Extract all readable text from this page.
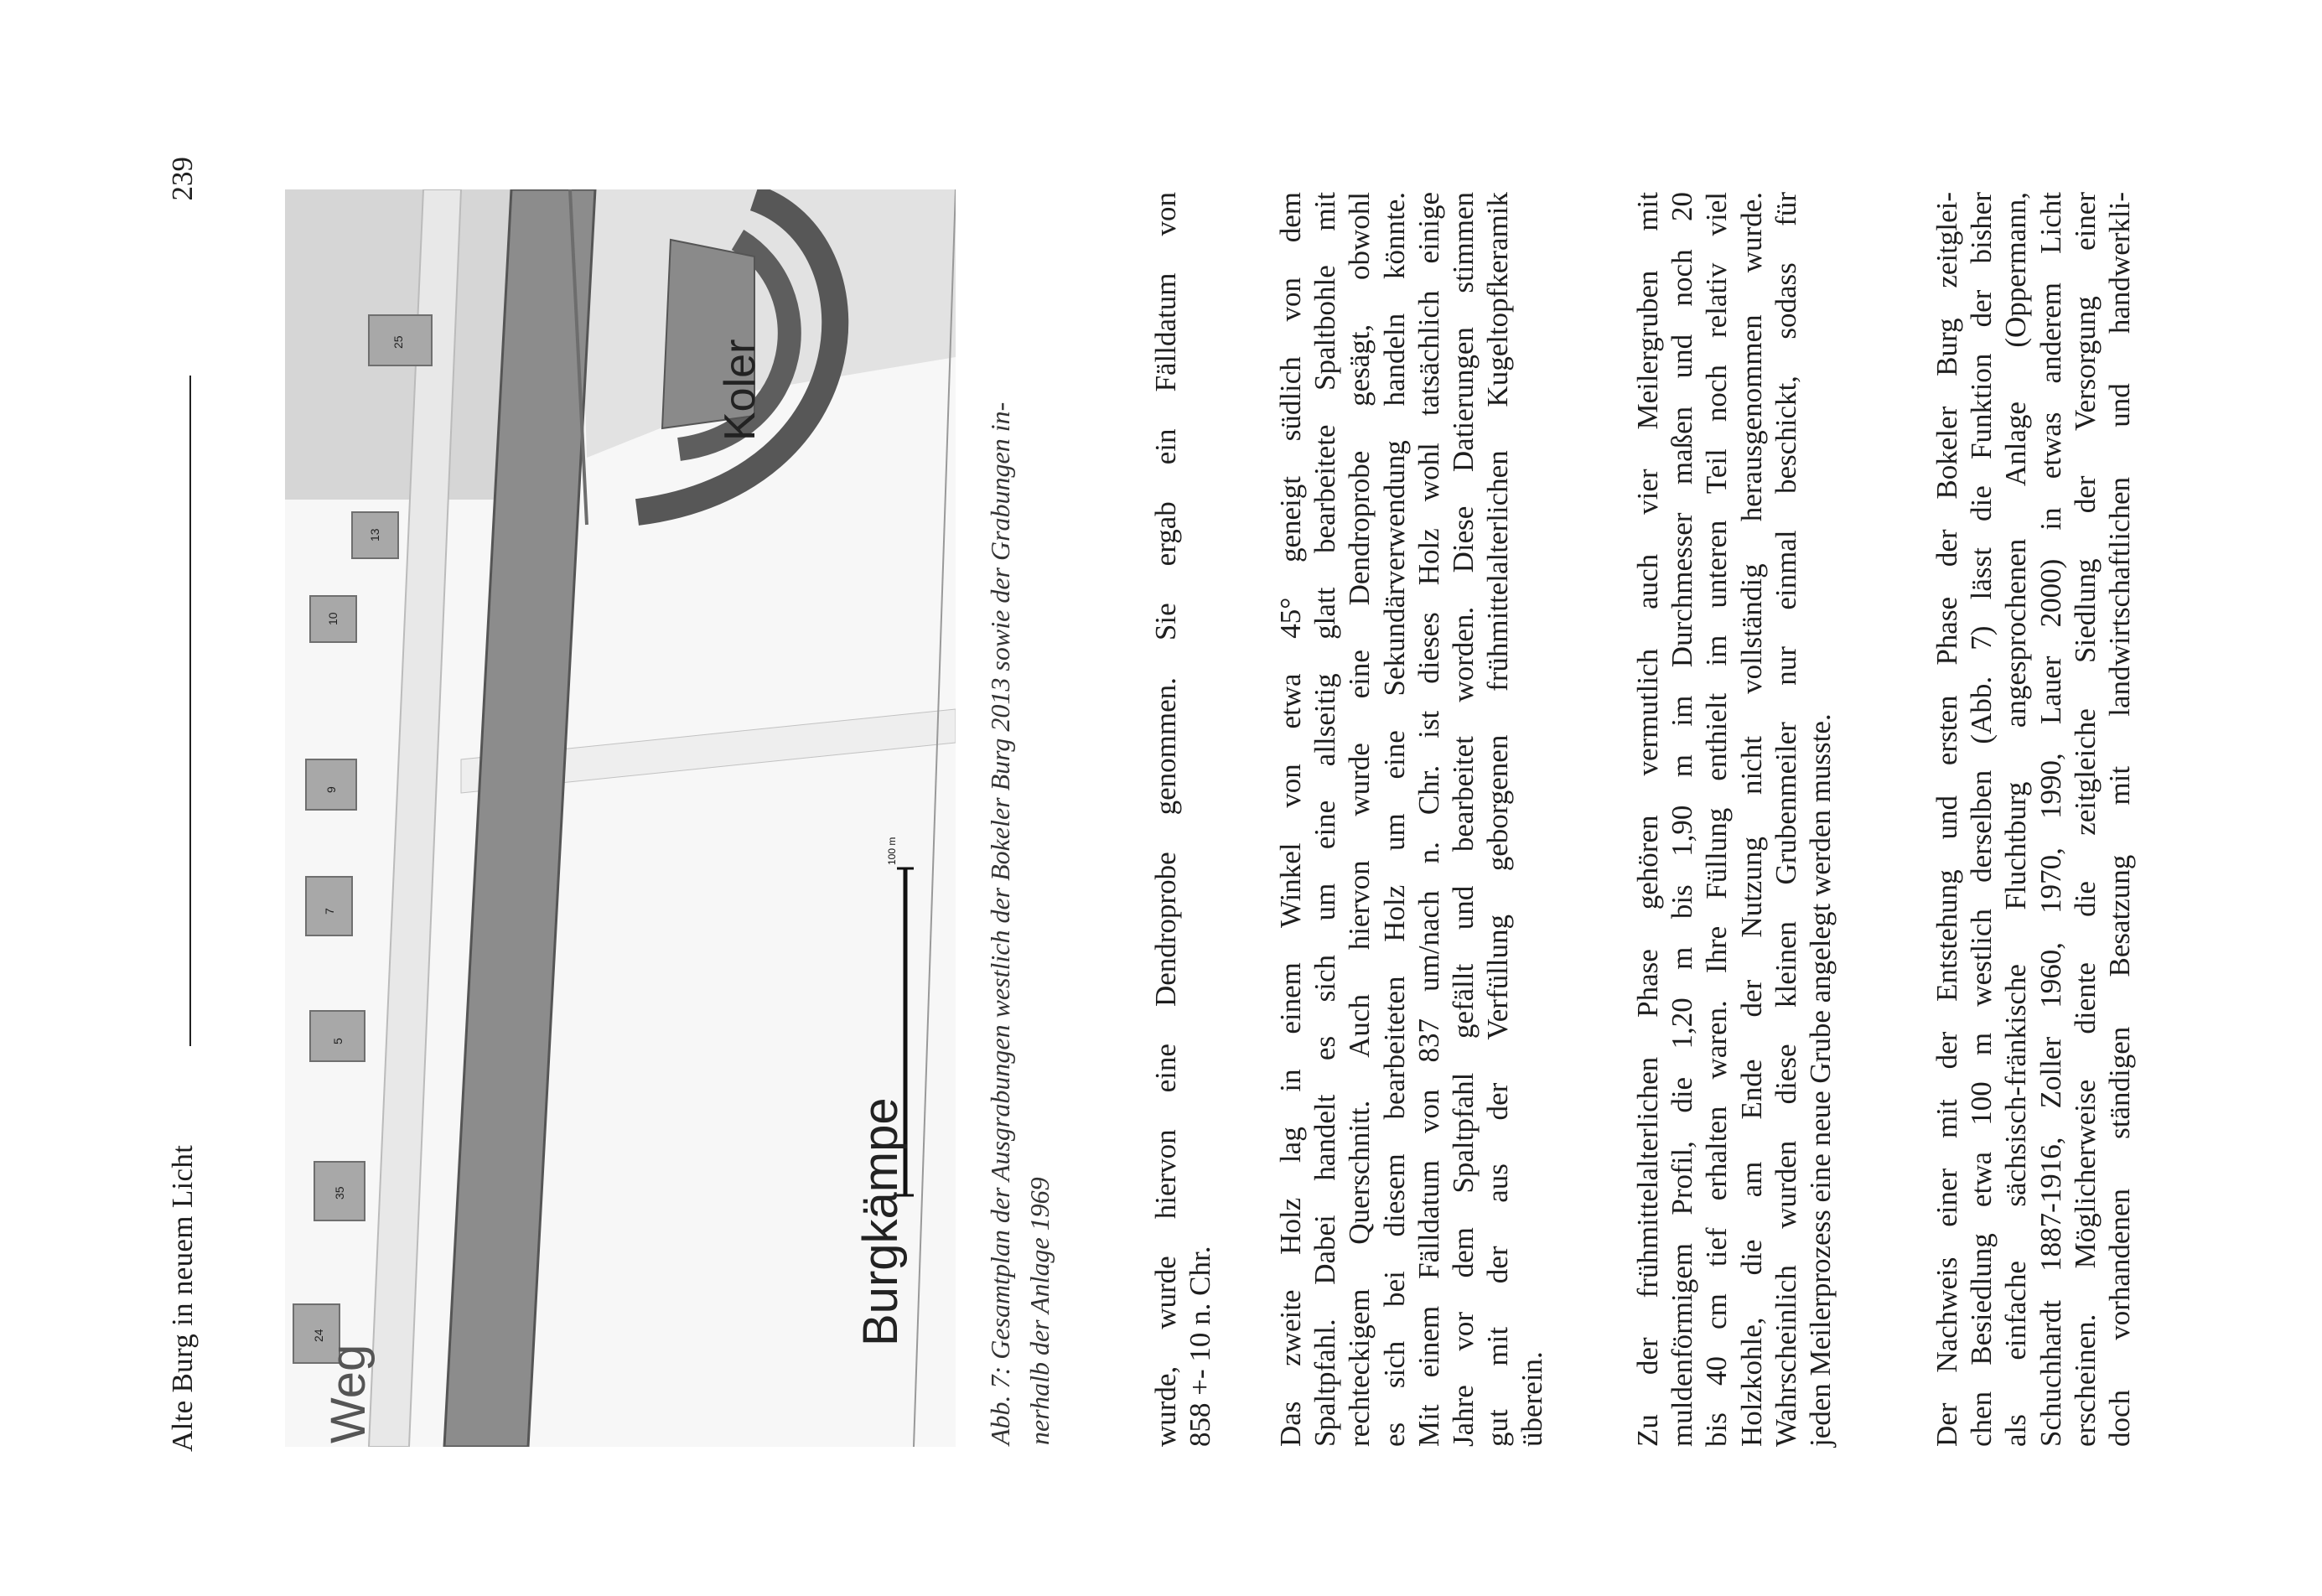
Alte Burg in neuem Licht
239
24
35
5
7
9
10
13
25
100 m
Weg
Burgkämpe
Koler
Abb. 7: Gesamtplan der Ausgrabungen westlich der Bokeler Burg 2013 sowie der Grabungen in- nerhalb der Anlage 1969	wurde, wurde hiervon eine Dendroprobe genommen. Sie ergab ein Fälldatum von 858 +- 10 n. Chr. Das zweite Holz lag in einem Winkel von etwa 45° geneigt südlich von dem Spaltpfahl. Dabei handelt es sich um eine allseitig glatt bearbeitete Spaltbohle mit rechteckigem Querschnitt. Auch hiervon wurde eine Dendroprobe gesägt, obwohl es sich bei diesem bearbeiteten Holz um eine Sekundärverwendung handeln könnte. Mit einem Fälldatum von 837 um/nach n. Chr. ist dieses Holz wohl tatsächlich einige Jahre vor dem Spaltpfahl gefällt und bearbeitet worden. Diese Datierungen stimmen gut mit der aus der Verfüllung geborgenen frühmittelalterlichen Kugeltopfkeramik überein.	Zu der frühmittelalterlichen Phase gehören vermutlich auch vier Meilergruben mit muldenförmigem Profil, die 1,20 m bis 1,90 m im Durchmesser maßen und noch 20 bis 40 cm tief erhalten waren. Ihre Füllung enthielt im unteren Teil noch relativ viel Holzkohle, die am Ende der Nutzung nicht vollständig herausgenommen wurde. Wahrscheinlich wurden diese kleinen Grubenmeiler nur einmal beschickt, sodass für jeden Meilerprozess eine neue Grube angelegt werden musste.	Der Nachweis einer mit der Entstehung und ersten Phase der Bokeler Burg zeitglei- chen Besiedlung etwa 100 m westlich derselben (Abb. 7) lässt die Funktion der bisher als einfache sächsisch-fränkische Fluchtburg angesprochenen Anlage (Oppermann, Schuchhardt 1887-1916, Zoller 1960, 1970, 1990, Lauer 2000) in etwas anderem Licht erscheinen. Möglicherweise diente die zeitgleiche Siedlung der Versorgung einer doch vorhandenen ständigen Besatzung mit landwirtschaftlichen und handwerkli-
